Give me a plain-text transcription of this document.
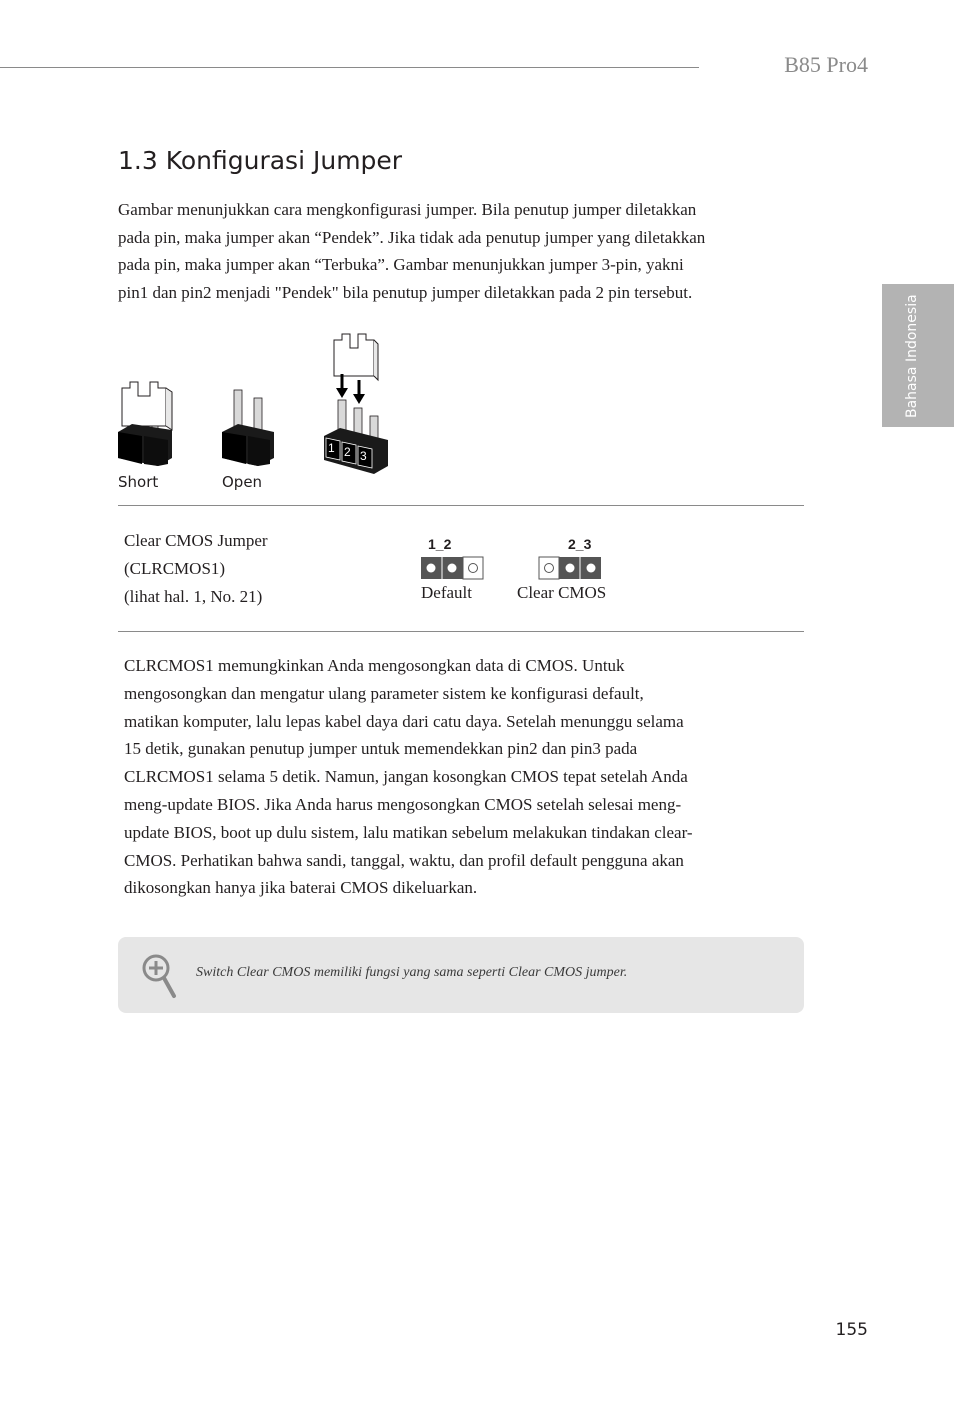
B85 Pro4
Bahasa Indonesia
1.3 Konfigurasi Jumper
Gambar menunjukkan cara mengkonfigurasi jumper. Bila penutup jumper diletakkan
pada pin, maka jumper akan “Pendek”. Jika tidak ada penutup jumper yang diletakkan
pada pin, maka jumper akan “Terbuka”. Gambar menunjukkan jumper 3-pin, yakni
pin1 dan pin2 menjadi "Pendek" bila penutup jumper diletakkan pada 2 pin tersebut.
1 2 3
Short	Open
Clear CMOS Jumper
(CLRCMOS1)
(lihat hal. 1, No. 21)
1_2
Default
2_3
Clear CMOS
CLRCMOS1 memungkinkan Anda mengosongkan data di CMOS. Untuk
mengosongkan dan mengatur ulang parameter sistem ke konfigurasi default,
matikan komputer, lalu lepas kabel daya dari catu daya. Setelah menunggu selama
15 detik, gunakan penutup jumper untuk memendekkan pin2 dan pin3 pada
CLRCMOS1 selama 5 detik. Namun, jangan kosongkan CMOS tepat setelah Anda
meng-update BIOS. Jika Anda harus mengosongkan CMOS setelah selesai meng-
update BIOS, boot up dulu sistem, lalu matikan sebelum melakukan tindakan clear-
CMOS. Perhatikan bahwa sandi, tanggal, waktu, dan profil default pengguna akan
dikosongkan hanya jika baterai CMOS dikeluarkan.
Switch Clear CMOS memiliki fungsi yang sama seperti Clear CMOS jumper.
155
